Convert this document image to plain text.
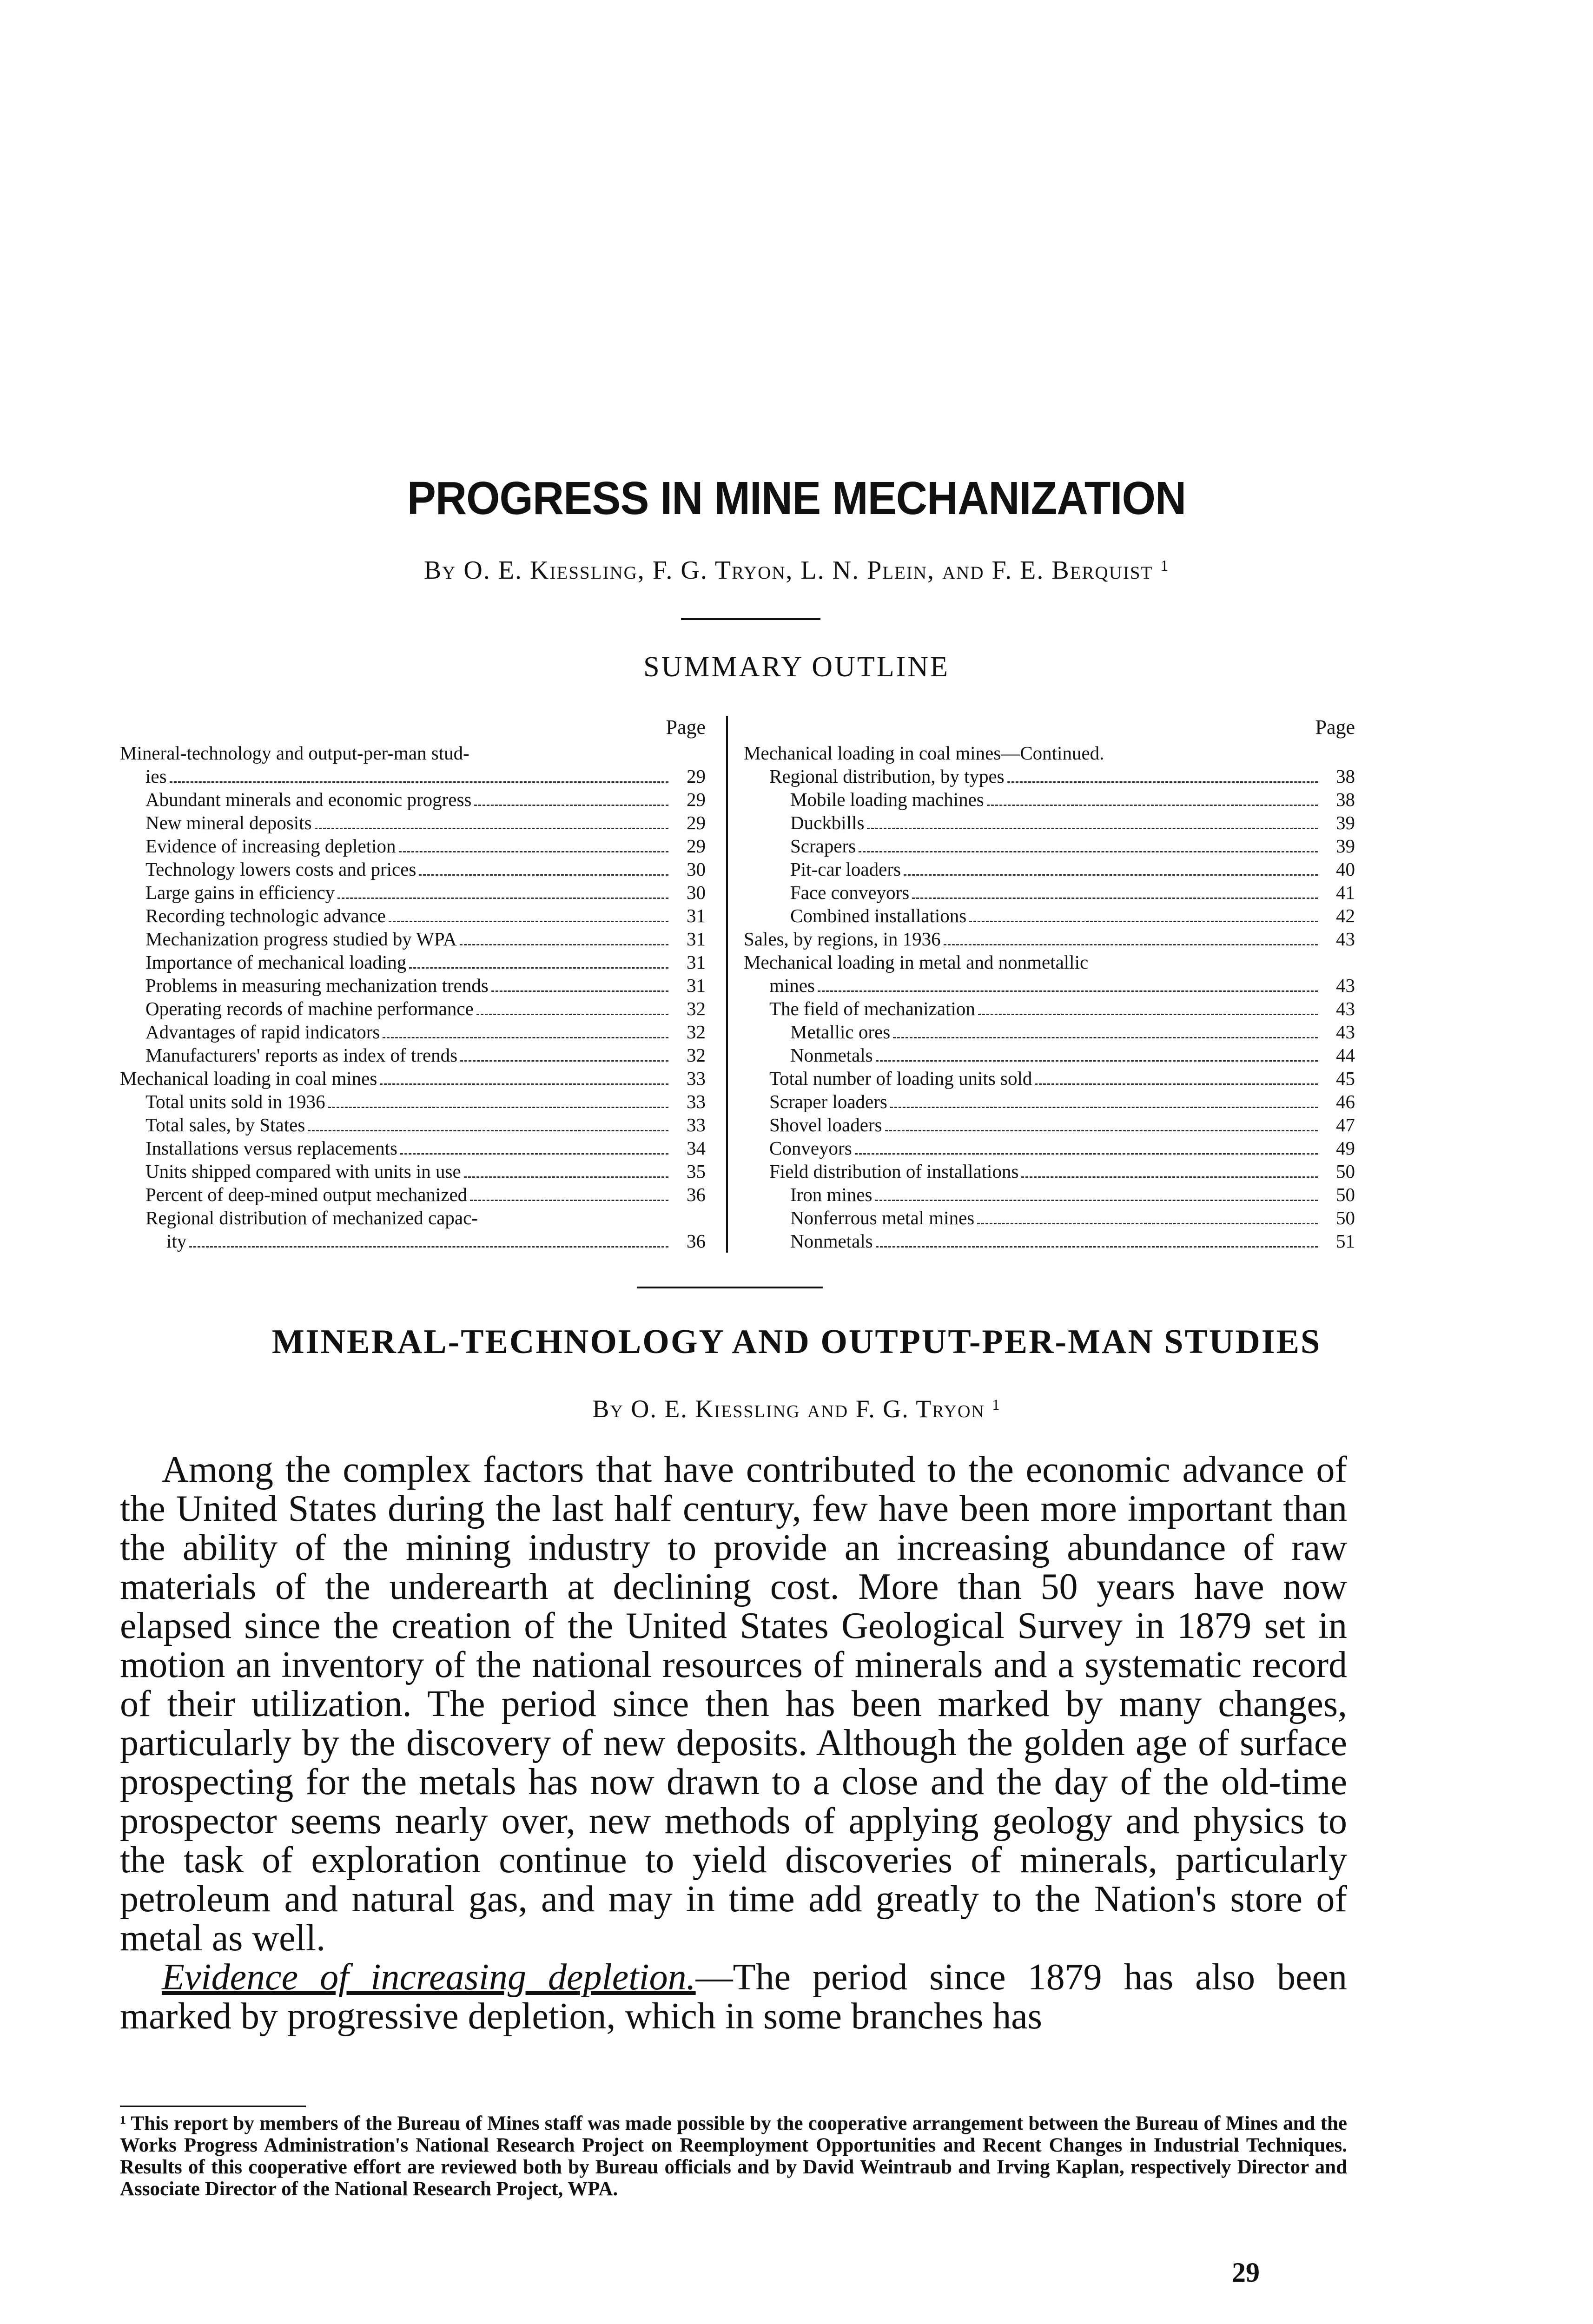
PROGRESS IN MINE MECHANIZATION
By O. E. Kiessling, F. G. Tryon, L. N. Plein, and F. E. Berquist $^1$
SUMMARY OUTLINE
Page
Mineral-technology and output-per-man stud-
ies	29
Abundant minerals and economic progress	29
New mineral deposits	29
Evidence of increasing depletion	29
Technology lowers costs and prices	30
Large gains in efficiency	30
Recording technologic advance	31
Mechanization progress studied by WPA	31
Importance of mechanical loading	31
Problems in measuring mechanization trends	31
Operating records of machine performance	32
Advantages of rapid indicators	32
Manufacturers' reports as index of trends	32
Mechanical loading in coal mines	33
Total units sold in 1936	33
Total sales, by States	33
Installations versus replacements	34
Units shipped compared with units in use	35
Percent of deep-mined output mechanized	36
Regional distribution of mechanized capac-
ity	36
Page
Mechanical loading in coal mines—Continued.
Regional distribution, by types	38
Mobile loading machines	38
Duckbills	39
Scrapers	39
Pit-car loaders	40
Face conveyors	41
Combined installations	42
Sales, by regions, in 1936	43
Mechanical loading in metal and nonmetallic
mines	43
The field of mechanization	43
Metallic ores	43
Nonmetals	44
Total number of loading units sold	45
Scraper loaders	46
Shovel loaders	47
Conveyors	49
Field distribution of installations	50
Iron mines	50
Nonferrous metal mines	50
Nonmetals	51
MINERAL-TECHNOLOGY AND OUTPUT-PER-MAN STUDIES
By O. E. Kiessling and F. G. Tryon $^1$

Among the complex factors that have contributed to the economic advance of the United States during the last half century, few have been more important than the ability of the mining industry to provide an increasing abundance of raw materials of the underearth at declining cost. More than 50 years have now elapsed since the creation of the United States Geological Survey in 1879 set in motion an inventory of the national resources of minerals and a systematic record of their utilization. The period since then has been marked by many changes, particularly by the discovery of new deposits. Although the golden age of surface prospecting for the metals has now drawn to a close and the day of the old-time prospector seems nearly over, new methods of applying geology and physics to the task of exploration continue to yield discoveries of minerals, particularly petroleum and natural gas, and may in time add greatly to the Nation's store of metal as well.

Evidence of increasing depletion.—The period since 1879 has also been marked by progressive depletion, which in some branches has

$^1$ This report by members of the Bureau of Mines staff was made possible by the cooperative arrangement between the Bureau of Mines and the Works Progress Administration's National Research Project on Reemployment Opportunities and Recent Changes in Industrial Techniques. Results of this cooperative effort are reviewed both by Bureau officials and by David Weintraub and Irving Kaplan, respectively Director and Associate Director of the National Research Project, WPA.
29
